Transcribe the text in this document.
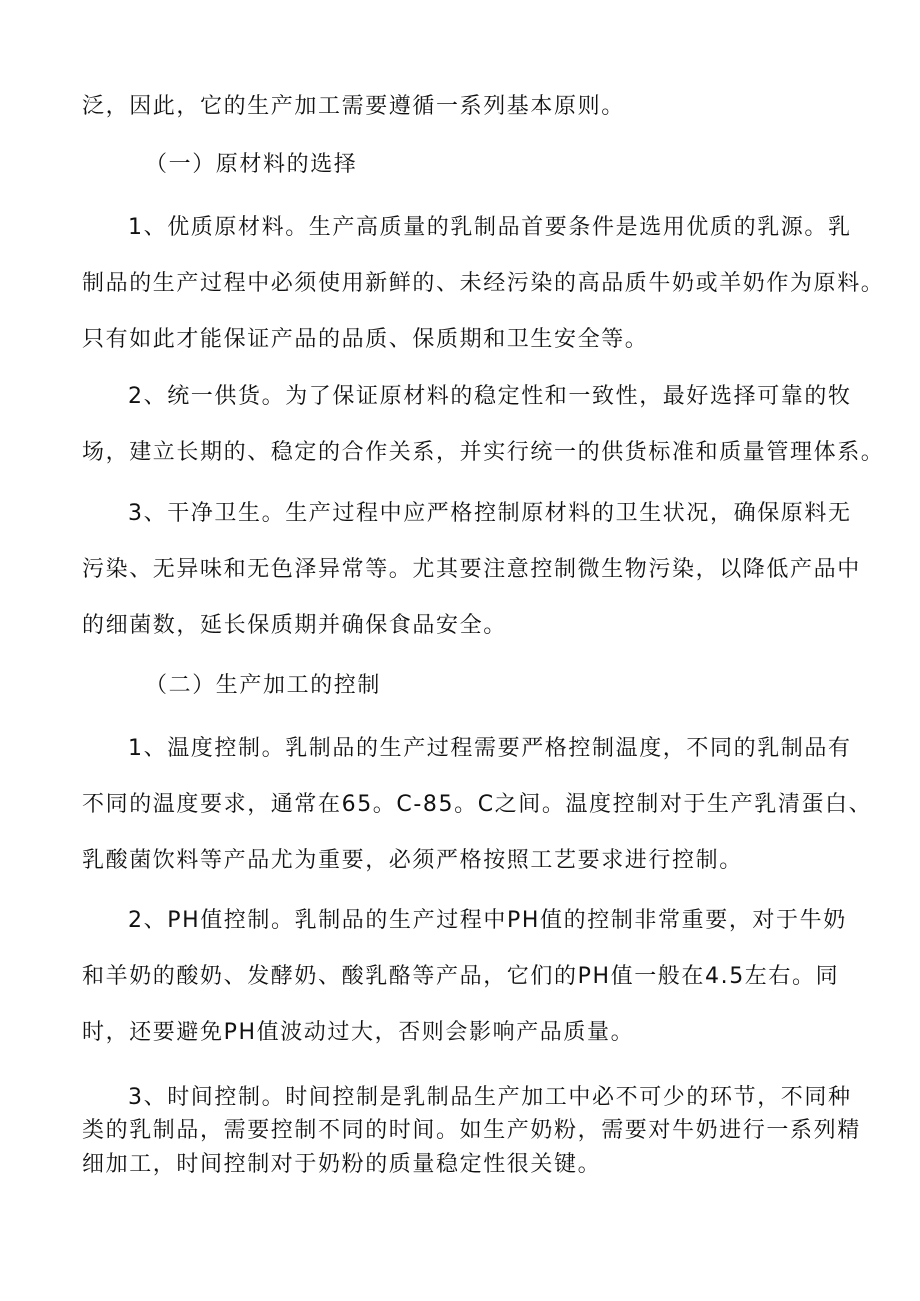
泛，因此，它的生产加工需要遵循一系列基本原则。
（一）原材料的选择
1、优质原材料。生产高质量的乳制品首要条件是选用优质的乳源。乳
制品的生产过程中必须使用新鲜的、未经污染的高品质牛奶或羊奶作为原料。
只有如此才能保证产品的品质、保质期和卫生安全等。
2、统一供货。为了保证原材料的稳定性和一致性，最好选择可靠的牧
场，建立长期的、稳定的合作关系，并实行统一的供货标准和质量管理体系。
3、干净卫生。生产过程中应严格控制原材料的卫生状况，确保原料无
污染、无异味和无色泽异常等。尤其要注意控制微生物污染，以降低产品中
的细菌数，延长保质期并确保食品安全。
（二）生产加工的控制
1、温度控制。乳制品的生产过程需要严格控制温度，不同的乳制品有
不同的温度要求，通常在65。C-85。C之间。温度控制对于生产乳清蛋白、
乳酸菌饮料等产品尤为重要，必须严格按照工艺要求进行控制。
2、PH值控制。乳制品的生产过程中PH值的控制非常重要，对于牛奶
和羊奶的酸奶、发酵奶、酸乳酪等产品，它们的PH值一般在4.5左右。同
时，还要避免PH值波动过大，否则会影响产品质量。
3、时间控制。时间控制是乳制品生产加工中必不可少的环节，不同种
类的乳制品，需要控制不同的时间。如生产奶粉，需要对牛奶进行一系列精
细加工，时间控制对于奶粉的质量稳定性很关键。
